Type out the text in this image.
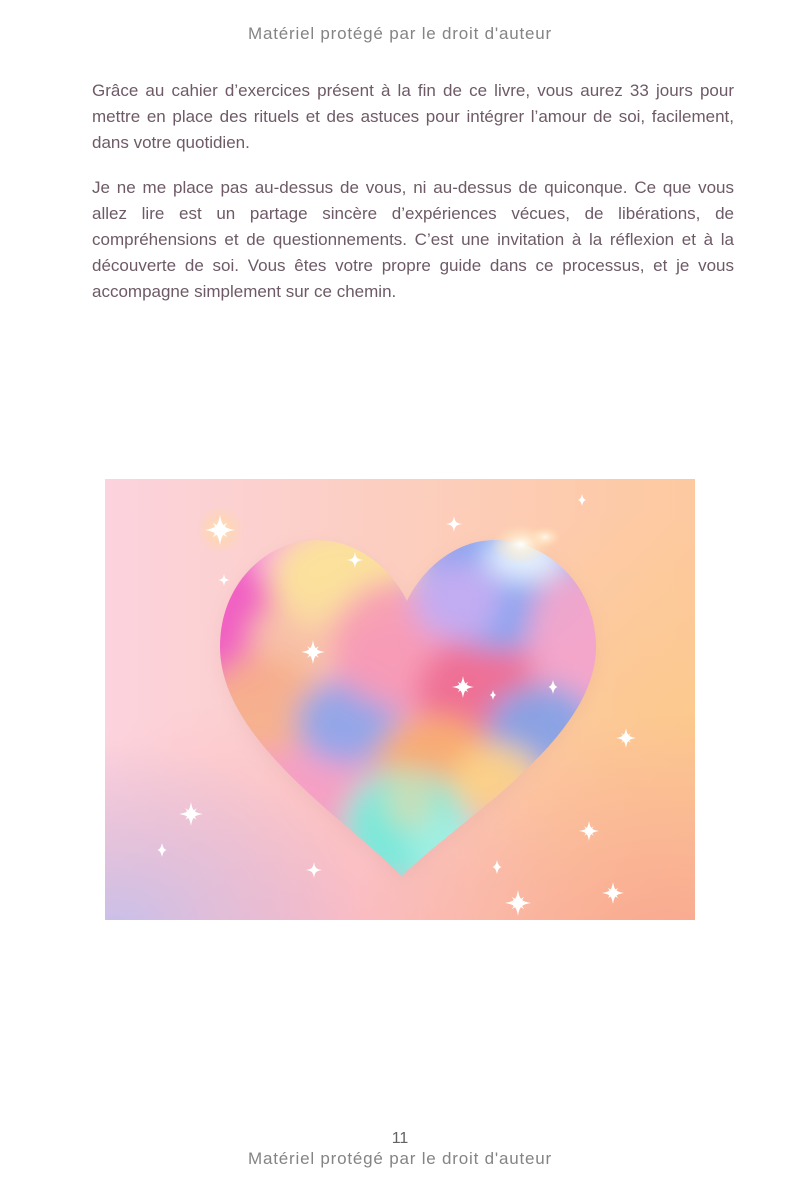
Matériel protégé par le droit d'auteur

Grâce au cahier d’exercices présent à la fin de ce livre, vous aurez 33 jours pour mettre en place des rituels et des astuces pour intégrer l’amour de soi, facilement, dans votre quotidien.

Je ne me place pas au-dessus de vous, ni au-dessus de quiconque. Ce que vous allez lire est un partage sincère d’expériences vécues, de libérations, de compréhensions et de questionnements. C’est une invitation à la réflexion et à la découverte de soi. Vous êtes votre propre guide dans ce processus, et je vous accompagne simplement sur ce chemin.

11
Matériel protégé par le droit d'auteur
